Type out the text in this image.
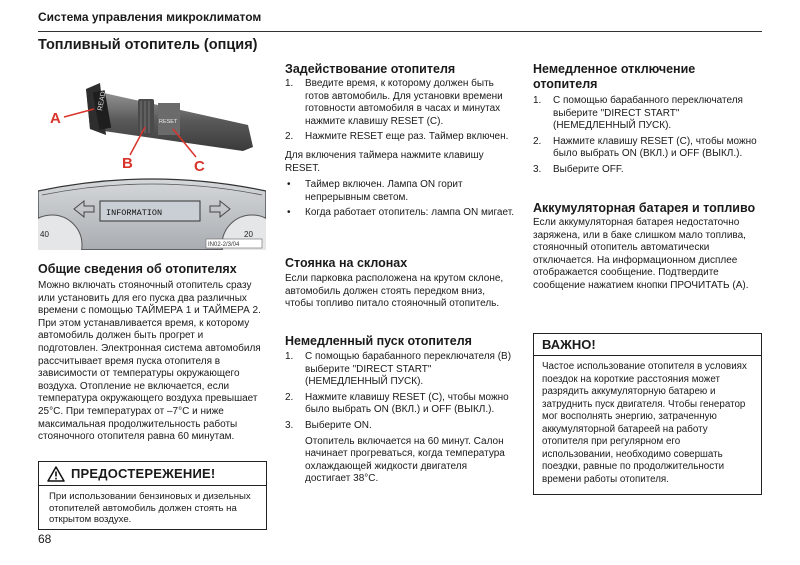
Система управления микроклиматом
Топливный отопитель (опция)
READ
RESET
A
B	C
40	20
INFORMATION
IN02-2/3/04
Общие сведения об отопителях

Можно включать стояночный отопитель сразу или установить для его пуска два различных времени с помощью ТАЙМЕРА 1 и ТАЙМЕРА 2. При этом устанавливается время, к которому автомобиль должен быть прогрет и подготовлен. Электронная система автомобиля рассчитывает время пуска отопителя в зависимости от температуры окружающего воздуха. Отопление не включается, если температура окружающего воздуха превышает 25°C. При температурах от –7°C и ниже максимальная продолжительность работы стояночного отопителя равна 60 минутам.

ПРЕДОСТЕРЕЖЕНИЕ!
При использовании бензиновых и дизельных отопителей автомобиль должен стоять на открытом воздухе.
68
Задействование отопителя
1. Введите время, к которому должен быть готов автомобиль. Для установки времени готовности автомобиля в часах и минутах нажмите клавишу RESET (C).
2. Нажмите RESET еще раз. Таймер включен.

Для включения таймера нажмите клавишу RESET.

• Таймер включен. Лампа ON горит непрерывным светом.
• Когда работает отопитель: лампа ON мигает.
Стоянка на склонах

Если парковка расположена на крутом склоне, автомобиль должен стоять передком вниз, чтобы топливо питало стояночный отопитель.

Немедленный пуск отопителя
1. С помощью барабанного переключателя (B) выберите "DIRECT START" (НЕМЕДЛЕННЫЙ ПУСК).
2. Нажмите клавишу RESET (C), чтобы можно было выбрать ON (ВКЛ.) и OFF (ВЫКЛ.).
3. Выберите ON.
Отопитель включается на 60 минут. Салон начинает прогреваться, когда температура охлаждающей жидкости двигателя достигает 38°C.
Немедленное отключение отопителя
1. С помощью барабанного переключателя выберите "DIRECT START" (НЕМЕДЛЕННЫЙ ПУСК).
2. Нажмите клавишу RESET (C), чтобы можно было выбрать ON (ВКЛ.) и OFF (ВЫКЛ.).
3. Выберите OFF.
Аккумуляторная батарея и топливо

Если аккумуляторная батарея недостаточно заряжена, или в баке слишком мало топлива, стояночный отопитель автоматически отключается. На информационном дисплее отображается сообщение. Подтвердите сообщение нажатием кнопки ПРОЧИТАТЬ (A).

ВАЖНО!
Частое использование отопителя в условиях поездок на короткие расстояния может разрядить аккумуляторную батарею и затруднить пуск двигателя. Чтобы генератор мог восполнять энергию, затраченную аккумуляторной батареей на работу отопителя при регулярном его использовании, необходимо совершать поездки, равные по продолжительности времени работы отопителя.
